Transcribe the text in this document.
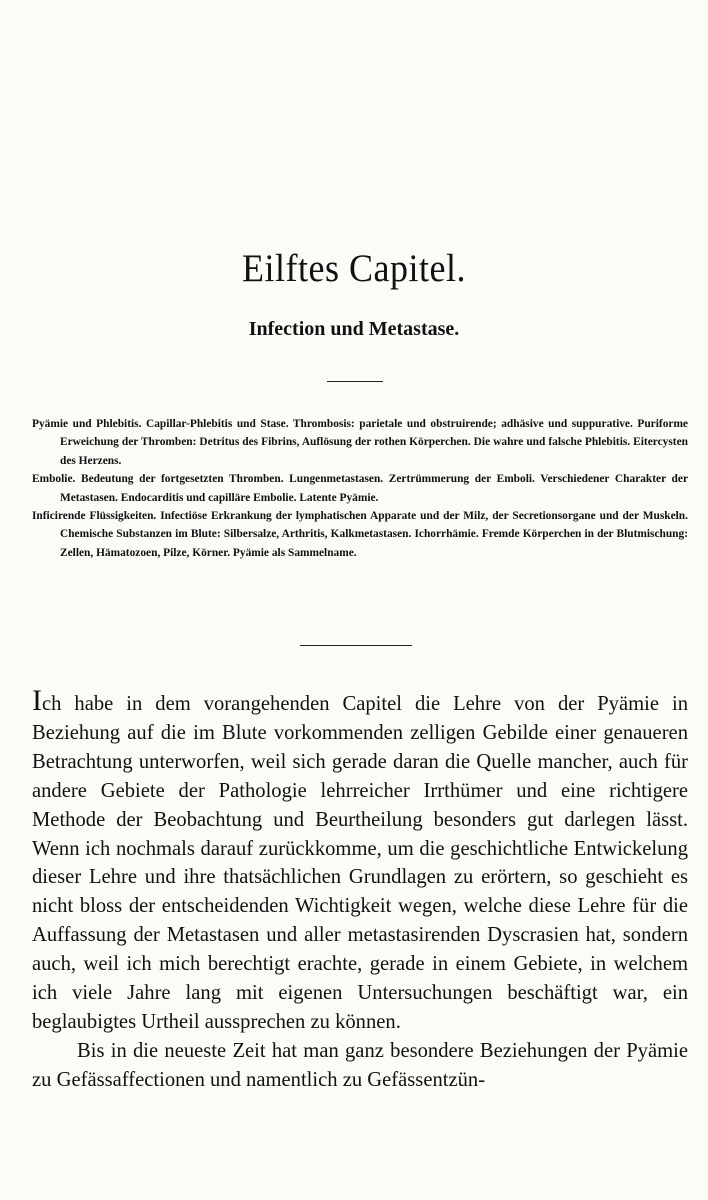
Eilftes Capitel.
Infection und Metastase.

Pyämie und Phlebitis. Capillar-Phlebitis und Stase. Thrombosis: parietale und obstruirende; adhäsive und suppurative. Puriforme Erweichung der Thromben: Detritus des Fibrins, Auflösung der rothen Körperchen. Die wahre und falsche Phlebitis. Eitercysten des Herzens.

Embolie. Bedeutung der fortgesetzten Thromben. Lungenmetastasen. Zertrümmerung der Emboli. Verschiedener Charakter der Metastasen. Endocarditis und capilläre Embolie. Latente Pyämie.

Inficirende Flüssigkeiten. Infectiöse Erkrankung der lymphatischen Apparate und der Milz, der Secretionsorgane und der Muskeln. Chemische Substanzen im Blute: Silbersalze, Arthritis, Kalkmetastasen. Ichorrhämie. Fremde Körperchen in der Blutmischung: Zellen, Hämatozoen, Pilze, Körner. Pyämie als Sammelname.

Ich habe in dem vorangehenden Capitel die Lehre von der Pyämie in Beziehung auf die im Blute vorkommenden zelligen Gebilde einer genaueren Betrachtung unterworfen, weil sich gerade daran die Quelle mancher, auch für andere Gebiete der Pathologie lehrreicher Irrthümer und eine richtigere Methode der Beobachtung und Beurtheilung besonders gut darlegen lässt. Wenn ich nochmals darauf zurückkomme, um die geschichtliche Entwickelung dieser Lehre und ihre thatsächlichen Grundlagen zu erörtern, so geschieht es nicht bloss der entscheidenden Wichtigkeit wegen, welche diese Lehre für die Auffassung der Metastasen und aller metastasirenden Dyscrasien hat, sondern auch, weil ich mich berechtigt erachte, gerade in einem Gebiete, in welchem ich viele Jahre lang mit eigenen Untersuchungen beschäftigt war, ein beglaubigtes Urtheil aussprechen zu können.

Bis in die neueste Zeit hat man ganz besondere Beziehungen der Pyämie zu Gefässaffectionen und namentlich zu Gefässentzün-
